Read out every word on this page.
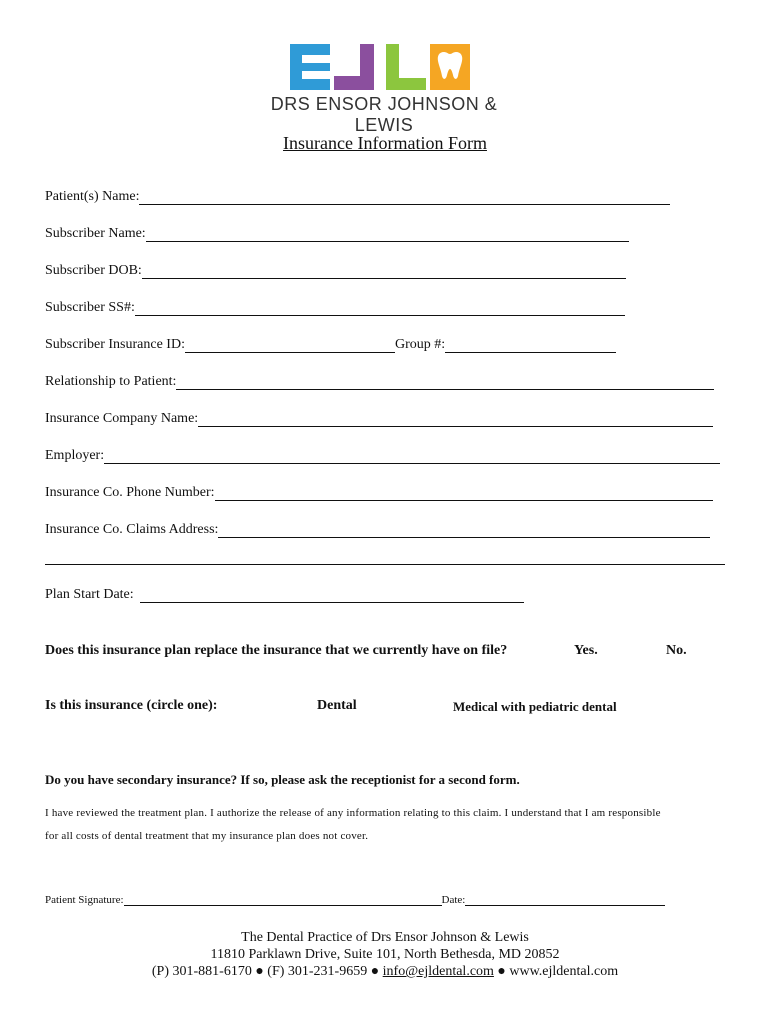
DRS ENSOR JOHNSON & LEWIS
Insurance Information Form
Patient(s) Name:
Subscriber Name:
Subscriber DOB:
Subscriber SS#:
Subscriber Insurance ID:	Group #:
Relationship to Patient:
Insurance Company Name:
Employer:
Insurance Co. Phone Number:
Insurance Co. Claims Address:
Plan Start Date:
Does this insurance plan replace the insurance that we currently have on file?	Yes.	No.
Is this insurance (circle one):	Dental	Medical with pediatric dental
Do you have secondary insurance? If so, please ask the receptionist for a second form.
I have reviewed the treatment plan. I authorize the release of any information relating to this claim. I understand that I am responsible
for all costs of dental treatment that my insurance plan does not cover.
Patient Signature:	Date:
The Dental Practice of Drs Ensor Johnson & Lewis
11810 Parklawn Drive, Suite 101, North Bethesda, MD 20852
(P) 301-881-6170 ● (F) 301-231-9659 ● info@ejldental.com ● www.ejldental.com
